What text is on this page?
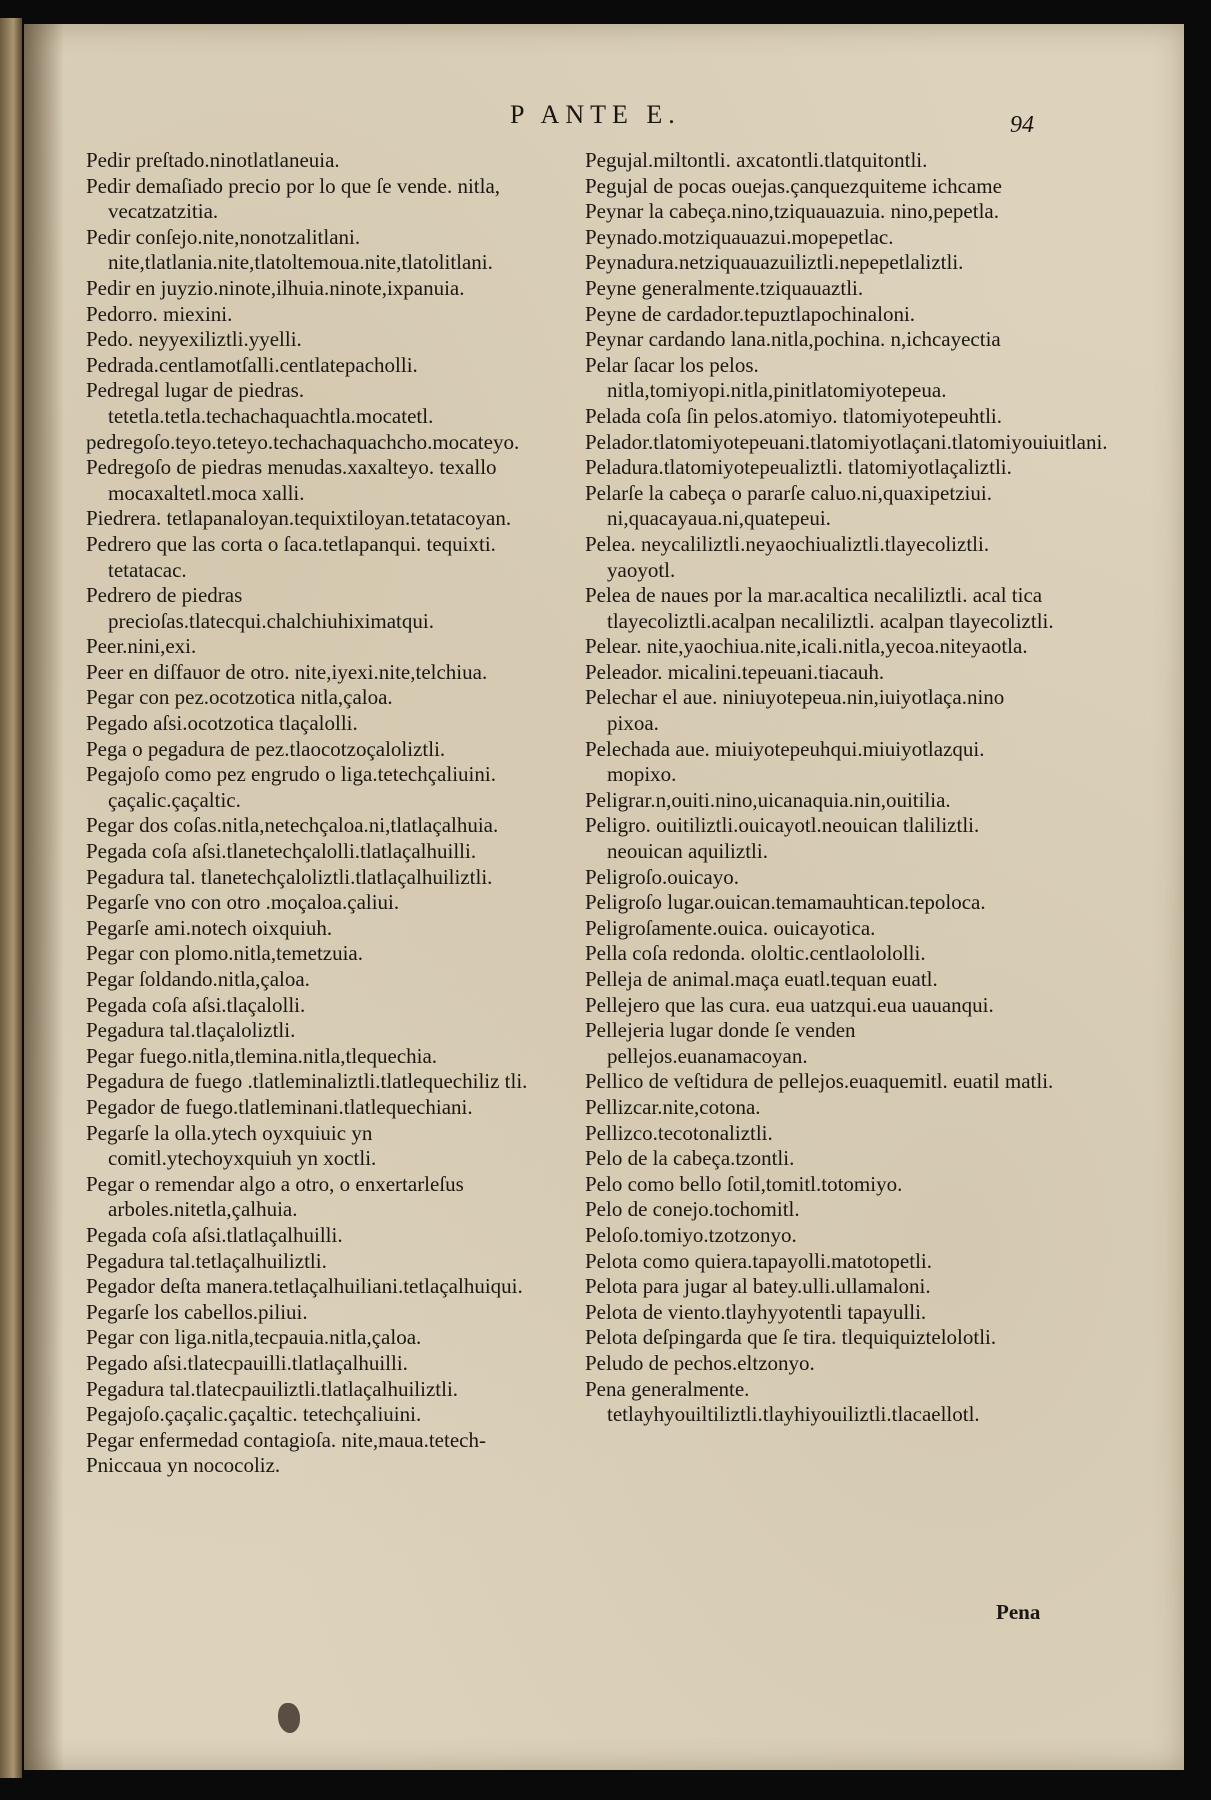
P ANTE E.	94

Pedir preſtado.ninotlatlaneuia.

Pedir demaſiado precio por lo que ſe vende. nitla, vecatzatzitia.

Pedir conſejo.nite,nonotzalitlani. nite,tlatlania.nite,tlatoltemoua.nite,tlatolitlani.

Pedir en juyzio.ninote,ilhuia.ninote,ixpanuia.

Pedorro. miexini.

Pedo. neyyexiliztli.yyelli.

Pedrada.centlamotſalli.centlatepacholli.

Pedregal lugar de piedras. tetetla.tetla.techachaquachtla.mocatetl.

pedregoſo.teyo.teteyo.techachaquachcho.mocateyo.

Pedregoſo de piedras menudas.xaxalteyo. texallo mocaxaltetl.moca xalli.

Piedrera. tetlapanaloyan.tequixtiloyan.tetatacoyan.

Pedrero que las corta o ſaca.tetlapanqui. tequixti. tetatacac.

Pedrero de piedras precioſas.tlatecqui.chalchiuhiximatqui.

Peer.nini,exi.

Peer en diſfauor de otro. nite,iyexi.nite,telchiua.

Pegar con pez.ocotzotica nitla,çaloa.

Pegado aſsi.ocotzotica tlaçalolli.

Pega o pegadura de pez.tlaocotzoçaloliztli.

Pegajoſo como pez engrudo o liga.tetechçaliuini. çaçalic.çaçaltic.

Pegar dos coſas.nitla,netechçaloa.ni,tlatlaçalhuia.

Pegada coſa aſsi.tlanetechçalolli.tlatlaçalhuilli.

Pegadura tal. tlanetechçaloliztli.tlatlaçalhuiliztli.

Pegarſe vno con otro .moçaloa.çaliui.

Pegarſe ami.notech oixquiuh.

Pegar con plomo.nitla,temetzuia.

Pegar ſoldando.nitla,çaloa.

Pegada coſa aſsi.tlaçalolli.

Pegadura tal.tlaçaloliztli.

Pegar fuego.nitla,tlemina.nitla,tlequechia.

Pegadura de fuego .tlatleminaliztli.tlatlequechiliz tli.

Pegador de fuego.tlatleminani.tlatlequechiani.

Pegarſe la olla.ytech oyxquiuic yn comitl.ytechoyxquiuh yn xoctli.

Pegar o remendar algo a otro, o enxertarleſus arboles.nitetla,çalhuia.

Pegada coſa aſsi.tlatlaçalhuilli.

Pegadura tal.tetlaçalhuiliztli.

Pegador deſta manera.tetlaçalhuiliani.tetlaçalhuiqui.

Pegarſe los cabellos.piliui.

Pegar con liga.nitla,tecpauia.nitla,çaloa.

Pegado aſsi.tlatecpauilli.tlatlaçalhuilli.

Pegadura tal.tlatecpauiliztli.tlatlaçalhuiliztli.

Pegajoſo.çaçalic.çaçaltic. tetechçaliuini.

Pegar enfermedad contagioſa. nite,maua.tetech-

Pniccaua yn nococoliz.

Pegujal.miltontli. axcatontli.tlatquitontli.

Pegujal de pocas ouejas.çanquezquiteme ichcame

Peynar la cabeça.nino,tziquauazuia. nino,pepetla.

Peynado.motziquauazui.mopepetlac.

Peynadura.netziquauazuiliztli.nepepetlaliztli.

Peyne generalmente.tziquauaztli.

Peyne de cardador.tepuztlapochinaloni.

Peynar cardando lana.nitla,pochina. n,ichcayectia

Pelar ſacar los pelos. nitla,tomiyopi.nitla,pinitlatomiyotepeua.

Pelada coſa ſin pelos.atomiyo. tlatomiyotepeuhtli.

Pelador.tlatomiyotepeuani.tlatomiyotlaçani.tlatomiyouiuitlani.

Peladura.tlatomiyotepeualiztli. tlatomiyotlaçaliztli.

Pelarſe la cabeça o pararſe caluo.ni,quaxipetziui. ni,quacayaua.ni,quatepeui.

Pelea. neycaliliztli.neyaochiualiztli.tlayecoliztli. yaoyotl.

Pelea de naues por la mar.acaltica necaliliztli. acal tica tlayecoliztli.acalpan necaliliztli. acalpan tlayecoliztli.

Pelear. nite,yaochiua.nite,icali.nitla,yecoa.niteyaotla.

Peleador. micalini.tepeuani.tiacauh.

Pelechar el aue. niniuyotepeua.nin,iuiyotlaça.nino pixoa.

Pelechada aue. miuiyotepeuhqui.miuiyotlazqui. mopixo.

Peligrar.n,ouiti.nino,uicanaquia.nin,ouitilia.

Peligro. ouitiliztli.ouicayotl.neouican tlaliliztli. neouican aquiliztli.

Peligroſo.ouicayo.

Peligroſo lugar.ouican.temamauhtican.tepoloca.

Peligroſamente.ouica. ouicayotica.

Pella coſa redonda. ololtic.centlaolololli.

Pelleja de animal.maça euatl.tequan euatl.

Pellejero que las cura. eua uatzqui.eua uauanqui.

Pellejeria lugar donde ſe venden pellejos.euanamacoyan.

Pellico de veſtidura de pellejos.euaquemitl. euatil matli.

Pellizcar.nite,cotona.

Pellizco.tecotonaliztli.

Pelo de la cabeça.tzontli.

Pelo como bello ſotil,tomitl.totomiyo.

Pelo de conejo.tochomitl.

Peloſo.tomiyo.tzotzonyo.

Pelota como quiera.tapayolli.matotopetli.

Pelota para jugar al batey.ulli.ullamaloni.

Pelota de viento.tlayhyyotentli tapayulli.

Pelota deſpingarda que ſe tira. tlequiquiztelolotli.

Peludo de pechos.eltzonyo.

Pena generalmente. tetlayhyouiltiliztli.tlayhiyouiliztli.tlacaellotl.

Pena
